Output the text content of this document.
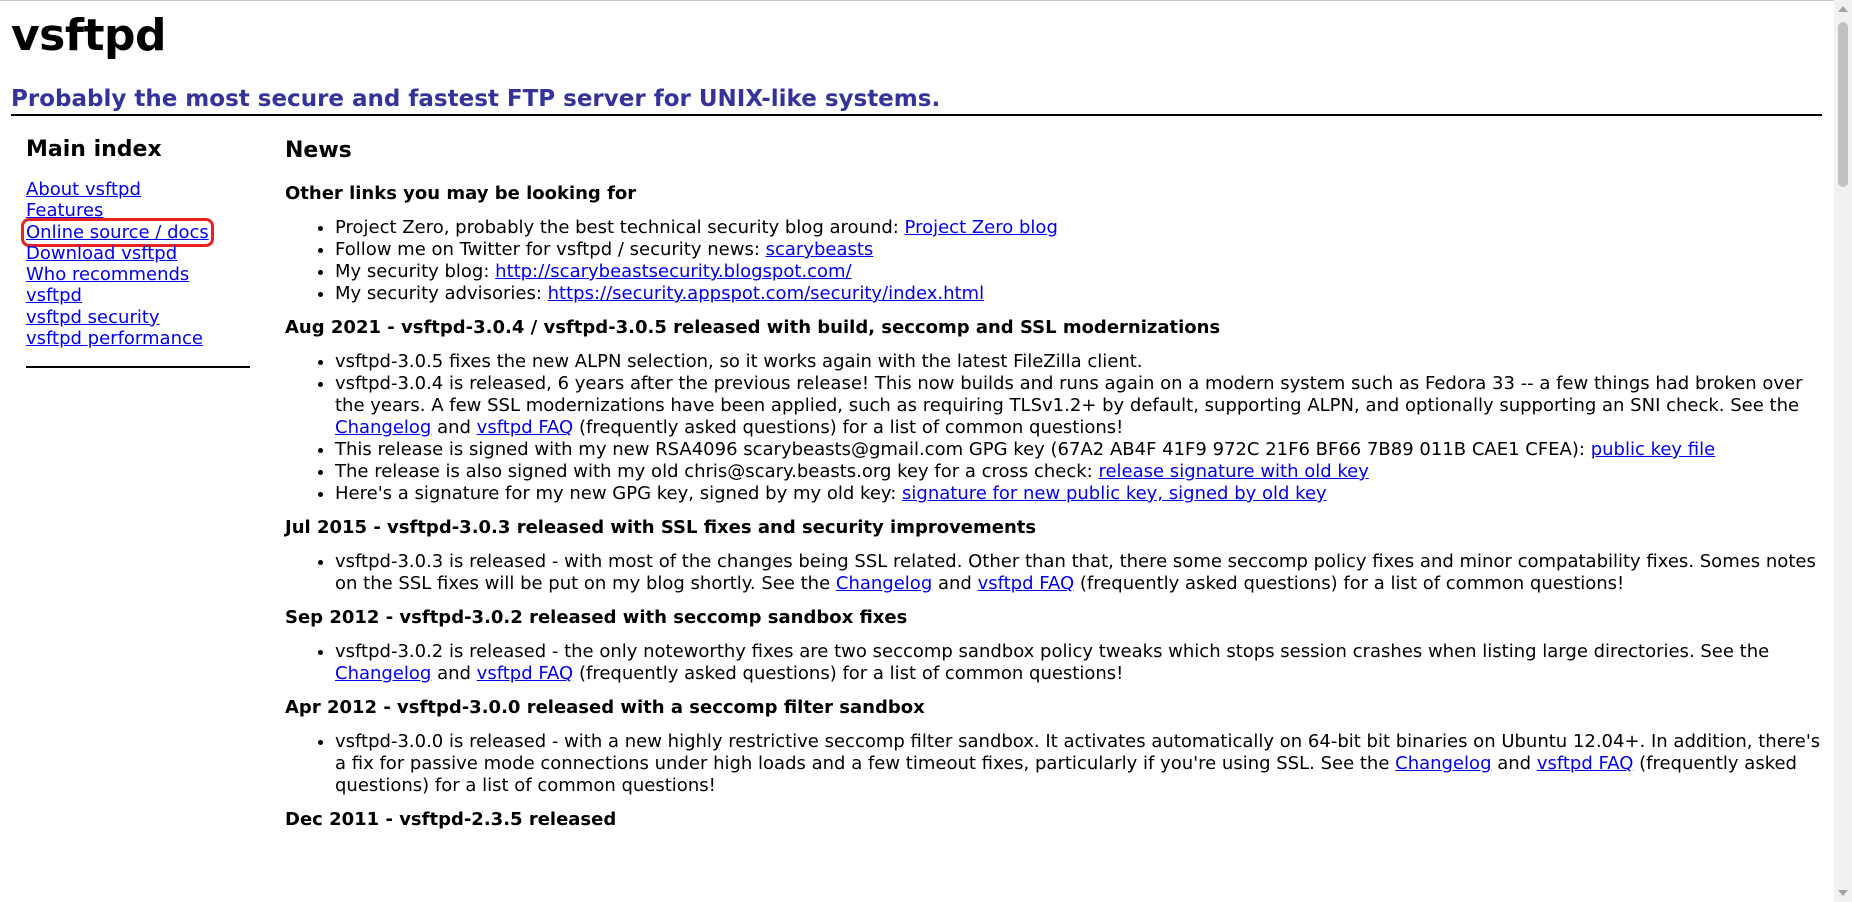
vsftpd
Probably the most secure and fastest FTP server for UNIX-like systems.
Main index
About vsftpd
Features
Online source / docs
Download vsftpd
Who recommends
vsftpd
vsftpd security
vsftpd performance
News
Other links you may be looking for
• Project Zero, probably the best technical security blog around: Project Zero blog
• Follow me on Twitter for vsftpd / security news: scarybeasts
• My security blog: http://scarybeastsecurity.blogspot.com/
• My security advisories: https://security.appspot.com/security/index.html
Aug 2021 - vsftpd-3.0.4 / vsftpd-3.0.5 released with build, seccomp and SSL modernizations
• vsftpd-3.0.5 fixes the new ALPN selection, so it works again with the latest FileZilla client.
• vsftpd-3.0.4 is released, 6 years after the previous release! This now builds and runs again on a modern system such as Fedora 33 -- a few things had broken over the years. A few SSL modernizations have been applied, such as requiring TLSv1.2+ by default, supporting ALPN, and optionally supporting an SNI check. See the Changelog and vsftpd FAQ (frequently asked questions) for a list of common questions!
• This release is signed with my new RSA4096 scarybeasts@gmail.com GPG key (67A2 AB4F 41F9 972C 21F6 BF66 7B89 011B CAE1 CFEA): public key file
• The release is also signed with my old chris@scary.beasts.org key for a cross check: release signature with old key
• Here's a signature for my new GPG key, signed by my old key: signature for new public key, signed by old key
Jul 2015 - vsftpd-3.0.3 released with SSL fixes and security improvements
• vsftpd-3.0.3 is released - with most of the changes being SSL related. Other than that, there some seccomp policy fixes and minor compatability fixes. Somes notes on the SSL fixes will be put on my blog shortly. See the Changelog and vsftpd FAQ (frequently asked questions) for a list of common questions!
Sep 2012 - vsftpd-3.0.2 released with seccomp sandbox fixes
• vsftpd-3.0.2 is released - the only noteworthy fixes are two seccomp sandbox policy tweaks which stops session crashes when listing large directories. See the Changelog and vsftpd FAQ (frequently asked questions) for a list of common questions!
Apr 2012 - vsftpd-3.0.0 released with a seccomp filter sandbox
• vsftpd-3.0.0 is released - with a new highly restrictive seccomp filter sandbox. It activates automatically on 64-bit bit binaries on Ubuntu 12.04+. In addition, there's a fix for passive mode connections under high loads and a few timeout fixes, particularly if you're using SSL. See the Changelog and vsftpd FAQ (frequently asked questions) for a list of common questions!
Dec 2011 - vsftpd-2.3.5 released
